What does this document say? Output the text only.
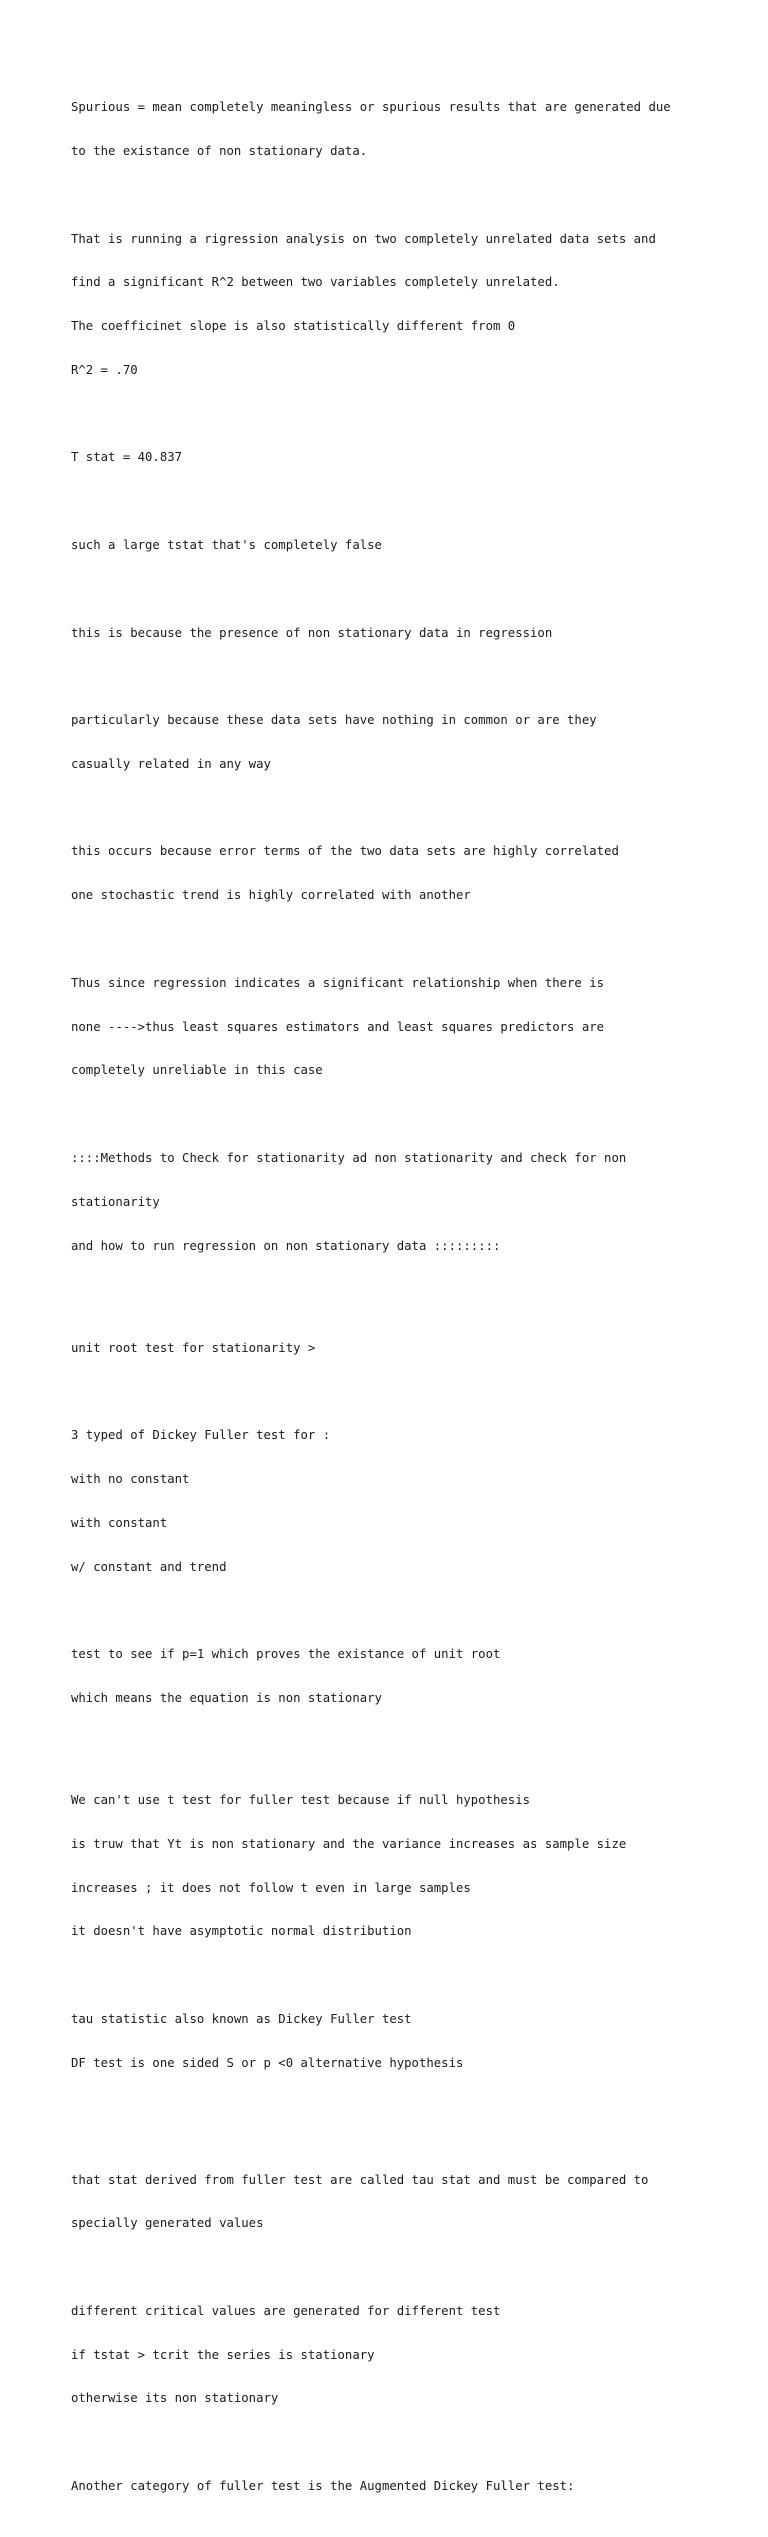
Spurious = mean completely meaningless or spurious results that are generated due

to the existance of non stationary data.

That is running a rigression analysis on two completely unrelated data sets and

find a significant R^2 between two variables completely unrelated.

The coefficinet slope is also statistically different from 0

R^2 = .70

T stat = 40.837

such a large tstat that's completely false

this is because the presence of non stationary data in regression

particularly because these data sets have nothing in common or are they

casually related in any way

this occurs because error terms of the two data sets are highly correlated

one stochastic trend is highly correlated with another

Thus since regression indicates a significant relationship when there is

none ---->thus least squares estimators and least squares predictors are

completely unreliable in this case

::::Methods to Check for stationarity ad non stationarity and check for non

stationarity

and how to run regression on non stationary data :::::::::

unit root test for stationarity >

3 typed of Dickey Fuller test for :

with no constant

with constant

w/ constant and trend

test to see if p=1 which proves the existance of unit root

which means the equation is non stationary

We can't use t test for fuller test because if null hypothesis

is truw that Yt is non stationary and the variance increases as sample size

increases ; it does not follow t even in large samples

it doesn't have asymptotic normal distribution

tau statistic also known as Dickey Fuller test

DF test is one sided S or p <0 alternative hypothesis

that stat derived from fuller test are called tau stat and must be compared to

specially generated values

different critical values are generated for different test

if tstat > tcrit the series is stationary

otherwise its non stationary

Another category of fuller test is the Augmented Dickey Fuller test:
